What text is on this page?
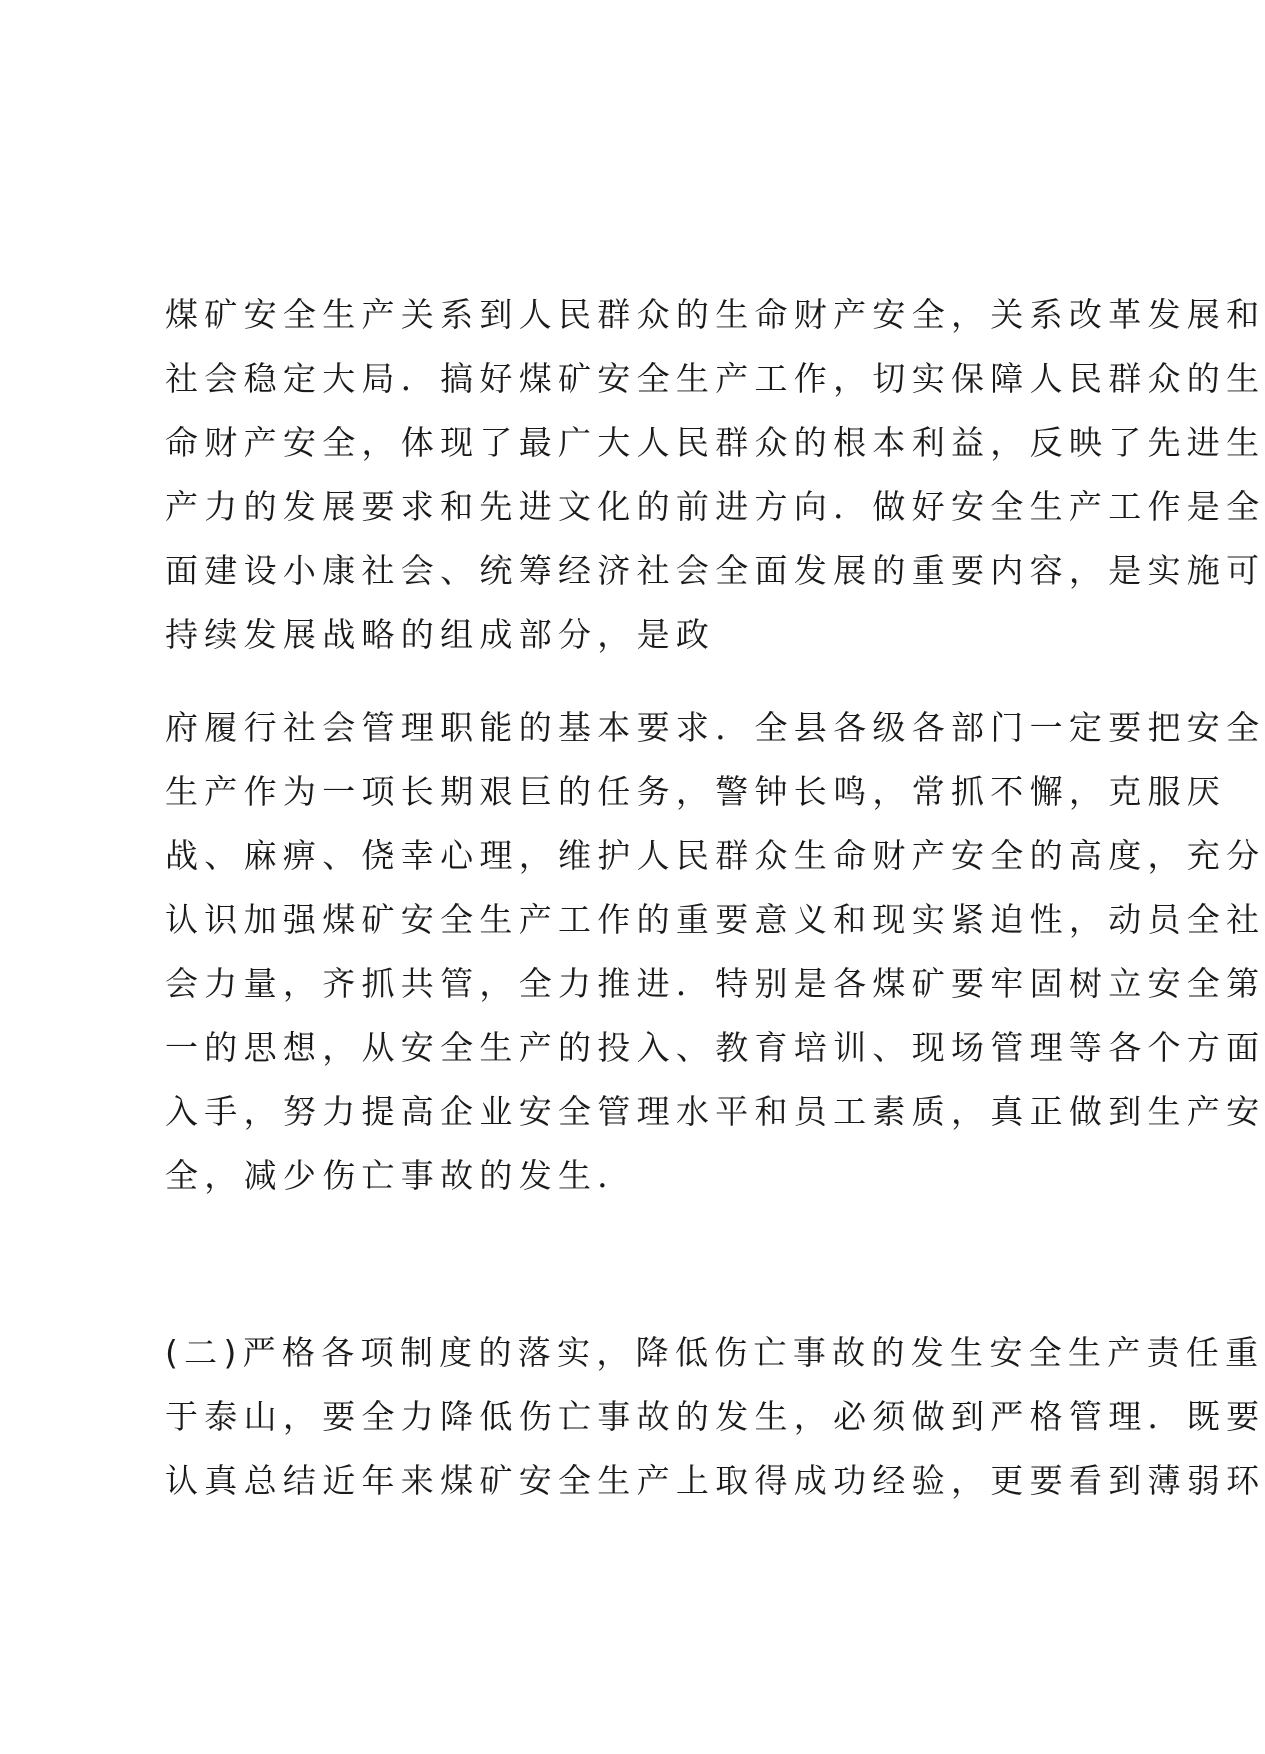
煤矿安全生产关系到人民群众的生命财产安全，关系改革发展和
社会稳定大局．搞好煤矿安全生产工作，切实保障人民群众的生
命财产安全，体现了最广大人民群众的根本利益，反映了先进生
产力的发展要求和先进文化的前进方向．做好安全生产工作是全
面建设小康社会、统筹经济社会全面发展的重要内容，是实施可
持续发展战略的组成部分，是政
府履行社会管理职能的基本要求．全县各级各部门一定要把安全
生产作为一项长期艰巨的任务，警钟长鸣，常抓不懈，克服厌
战、麻痹、侥幸心理，维护人民群众生命财产安全的高度，充分
认识加强煤矿安全生产工作的重要意义和现实紧迫性，动员全社
会力量，齐抓共管，全力推进．特别是各煤矿要牢固树立安全第
一的思想，从安全生产的投入、教育培训、现场管理等各个方面
入手，努力提高企业安全管理水平和员工素质，真正做到生产安
全，减少伤亡事故的发生．
(二)严格各项制度的落实，降低伤亡事故的发生安全生产责任重
于泰山，要全力降低伤亡事故的发生，必须做到严格管理．既要
认真总结近年来煤矿安全生产上取得成功经验，更要看到薄弱环
